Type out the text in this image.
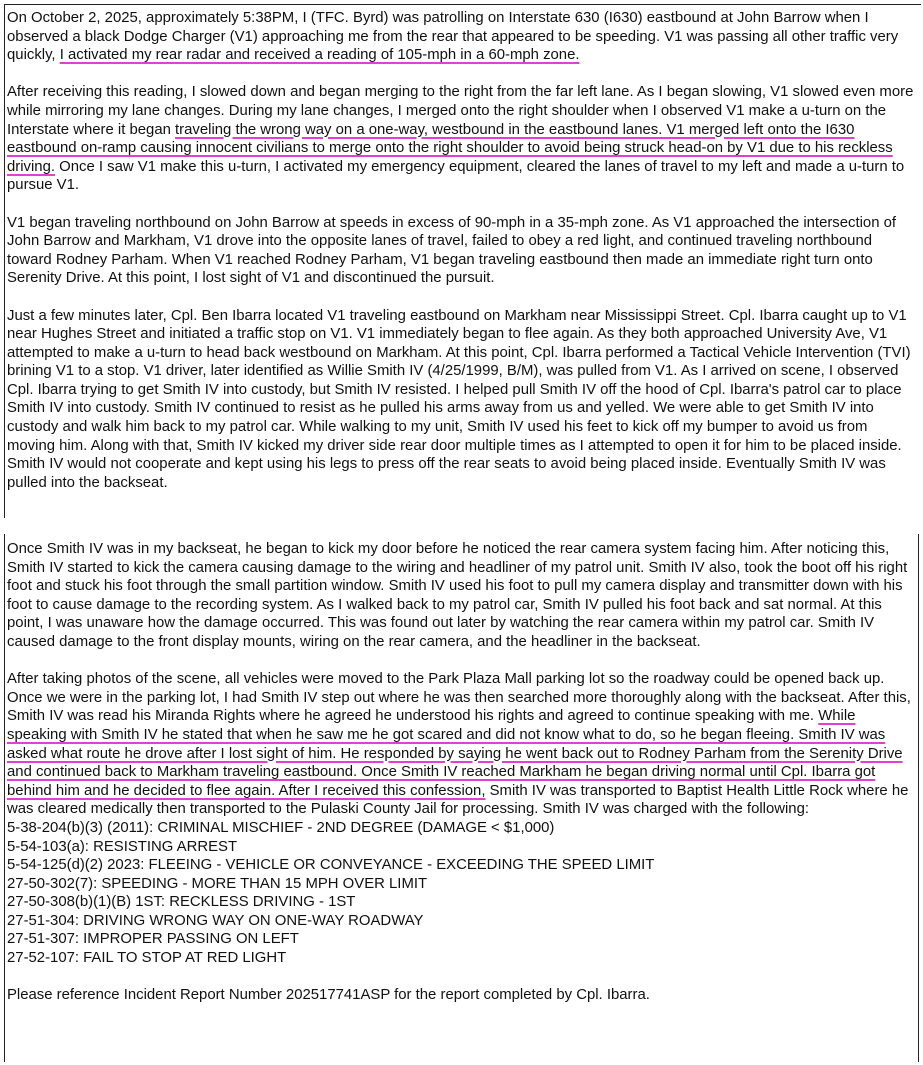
On October 2, 2025, approximately 5:38PM, I (TFC. Byrd) was patrolling on Interstate 630 (I630) eastbound at John Barrow when I observed a black Dodge Charger (V1) approaching me from the rear that appeared to be speeding. V1 was passing all other traffic very quickly, I activated my rear radar and received a reading of 105-mph in a 60-mph zone.

After receiving this reading, I slowed down and began merging to the right from the far left lane. As I began slowing, V1 slowed even more while mirroring my lane changes. During my lane changes, I merged onto the right shoulder when I observed V1 make a u-turn on the Interstate where it began traveling the wrong way on a one-way, westbound in the eastbound lanes. V1 merged left onto the I630 eastbound on-ramp causing innocent civilians to merge onto the right shoulder to avoid being struck head-on by V1 due to his reckless driving. Once I saw V1 make this u-turn, I activated my emergency equipment, cleared the lanes of travel to my left and made a u-turn to pursue V1.

V1 began traveling northbound on John Barrow at speeds in excess of 90-mph in a 35-mph zone. As V1 approached the intersection of John Barrow and Markham, V1 drove into the opposite lanes of travel, failed to obey a red light, and continued traveling northbound toward Rodney Parham. When V1 reached Rodney Parham, V1 began traveling eastbound then made an immediate right turn onto Serenity Drive. At this point, I lost sight of V1 and discontinued the pursuit.

Just a few minutes later, Cpl. Ben Ibarra located V1 traveling eastbound on Markham near Mississippi Street. Cpl. Ibarra caught up to V1 near Hughes Street and initiated a traffic stop on V1. V1 immediately began to flee again. As they both approached University Ave, V1 attempted to make a u-turn to head back westbound on Markham. At this point, Cpl. Ibarra performed a Tactical Vehicle Intervention (TVI) brining V1 to a stop. V1 driver, later identified as Willie Smith IV (4/25/1999, B/M), was pulled from V1. As I arrived on scene, I observed Cpl. Ibarra trying to get Smith IV into custody, but Smith IV resisted. I helped pull Smith IV off the hood of Cpl. Ibarra's patrol car to place Smith IV into custody. Smith IV continued to resist as he pulled his arms away from us and yelled. We were able to get Smith IV into custody and walk him back to my patrol car. While walking to my unit, Smith IV used his feet to kick off my bumper to avoid us from moving him. Along with that, Smith IV kicked my driver side rear door multiple times as I attempted to open it for him to be placed inside. Smith IV would not cooperate and kept using his legs to press off the rear seats to avoid being placed inside. Eventually Smith IV was pulled into the backseat.

Once Smith IV was in my backseat, he began to kick my door before he noticed the rear camera system facing him. After noticing this, Smith IV started to kick the camera causing damage to the wiring and headliner of my patrol unit. Smith IV also, took the boot off his right foot and stuck his foot through the small partition window. Smith IV used his foot to pull my camera display and transmitter down with his foot to cause damage to the recording system. As I walked back to my patrol car, Smith IV pulled his foot back and sat normal. At this point, I was unaware how the damage occurred. This was found out later by watching the rear camera within my patrol car. Smith IV caused damage to the front display mounts, wiring on the rear camera, and the headliner in the backseat.

After taking photos of the scene, all vehicles were moved to the Park Plaza Mall parking lot so the roadway could be opened back up. Once we were in the parking lot, I had Smith IV step out where he was then searched more thoroughly along with the backseat. After this, Smith IV was read his Miranda Rights where he agreed he understood his rights and agreed to continue speaking with me. While speaking with Smith IV he stated that when he saw me he got scared and did not know what to do, so he began fleeing. Smith IV was asked what route he drove after I lost sight of him. He responded by saying he went back out to Rodney Parham from the Serenity Drive and continued back to Markham traveling eastbound. Once Smith IV reached Markham he began driving normal until Cpl. Ibarra got behind him and he decided to flee again. After I received this confession, Smith IV was transported to Baptist Health Little Rock where he was cleared medically then transported to the Pulaski County Jail for processing. Smith IV was charged with the following:

5-38-204(b)(3) (2011): CRIMINAL MISCHIEF - 2ND DEGREE (DAMAGE < $1,000)
5-54-103(a): RESISTING ARREST
5-54-125(d)(2) 2023: FLEEING - VEHICLE OR CONVEYANCE - EXCEEDING THE SPEED LIMIT
27-50-302(7): SPEEDING - MORE THAN 15 MPH OVER LIMIT
27-50-308(b)(1)(B) 1ST: RECKLESS DRIVING - 1ST
27-51-304: DRIVING WRONG WAY ON ONE-WAY ROADWAY
27-51-307: IMPROPER PASSING ON LEFT
27-52-107: FAIL TO STOP AT RED LIGHT

Please reference Incident Report Number 202517741ASP for the report completed by Cpl. Ibarra.
